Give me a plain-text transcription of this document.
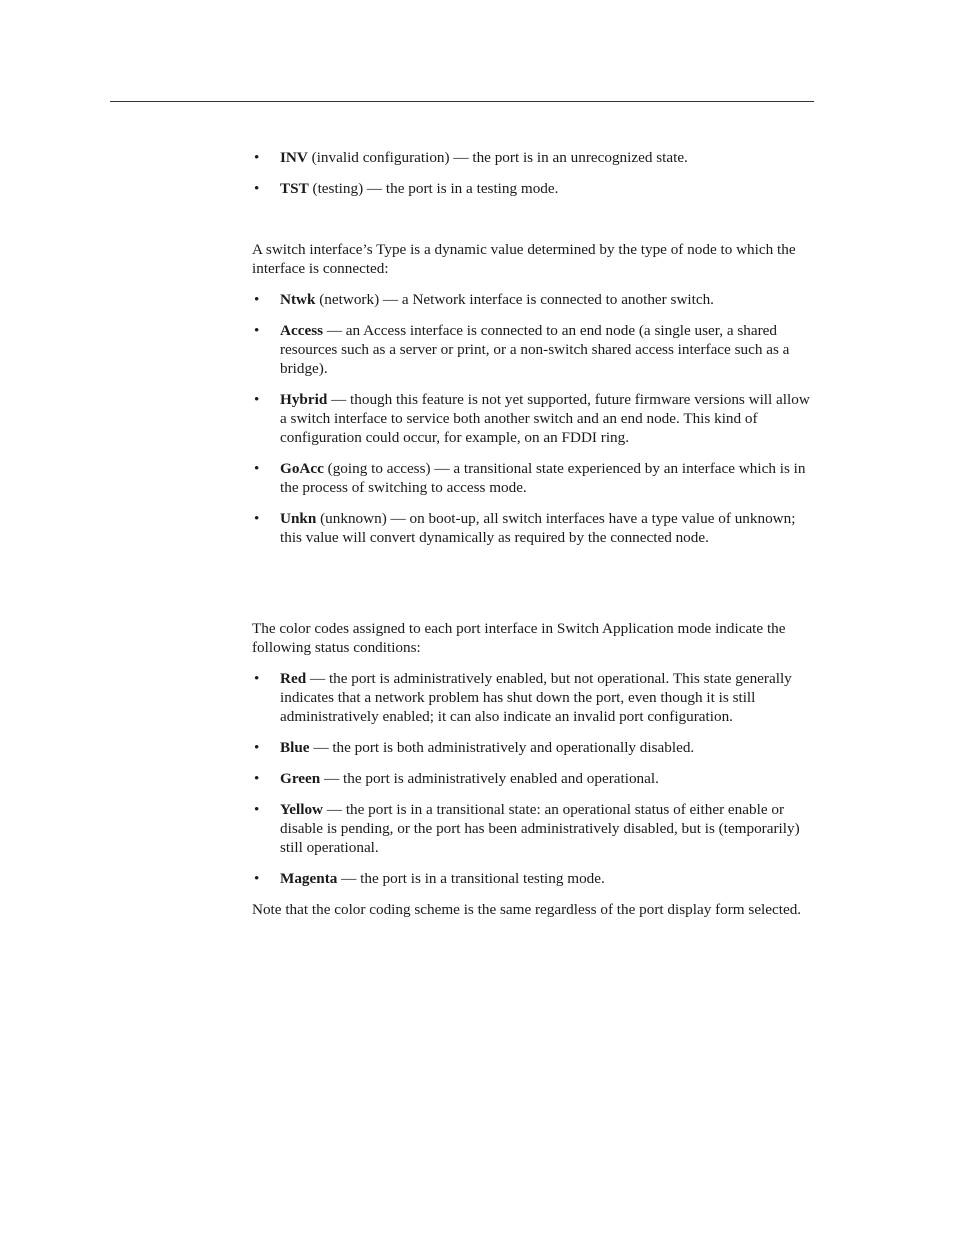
• INV (invalid configuration) — the port is in an unrecognized state.
• TST (testing) — the port is in a testing mode.

A switch interface’s Type is a dynamic value determined by the type of node to which the interface is connected:

• Ntwk (network) — a Network interface is connected to another switch.
• Access — an Access interface is connected to an end node (a single user, a shared resources such as a server or print, or a non-switch shared access interface such as a bridge).
• Hybrid — though this feature is not yet supported, future firmware versions will allow a switch interface to service both another switch and an end node. This kind of configuration could occur, for example, on an FDDI ring.
• GoAcc (going to access) — a transitional state experienced by an interface which is in the process of switching to access mode.
• Unkn (unknown) — on boot-up, all switch interfaces have a type value of unknown; this value will convert dynamically as required by the connected node.

The color codes assigned to each port interface in Switch Application mode indicate the following status conditions:

• Red — the port is administratively enabled, but not operational. This state generally indicates that a network problem has shut down the port, even though it is still administratively enabled; it can also indicate an invalid port configuration.
• Blue — the port is both administratively and operationally disabled.
• Green — the port is administratively enabled and operational.
• Yellow — the port is in a transitional state: an operational status of either enable or disable is pending, or the port has been administratively disabled, but is (temporarily) still operational.
• Magenta — the port is in a transitional testing mode.

Note that the color coding scheme is the same regardless of the port display form selected.
